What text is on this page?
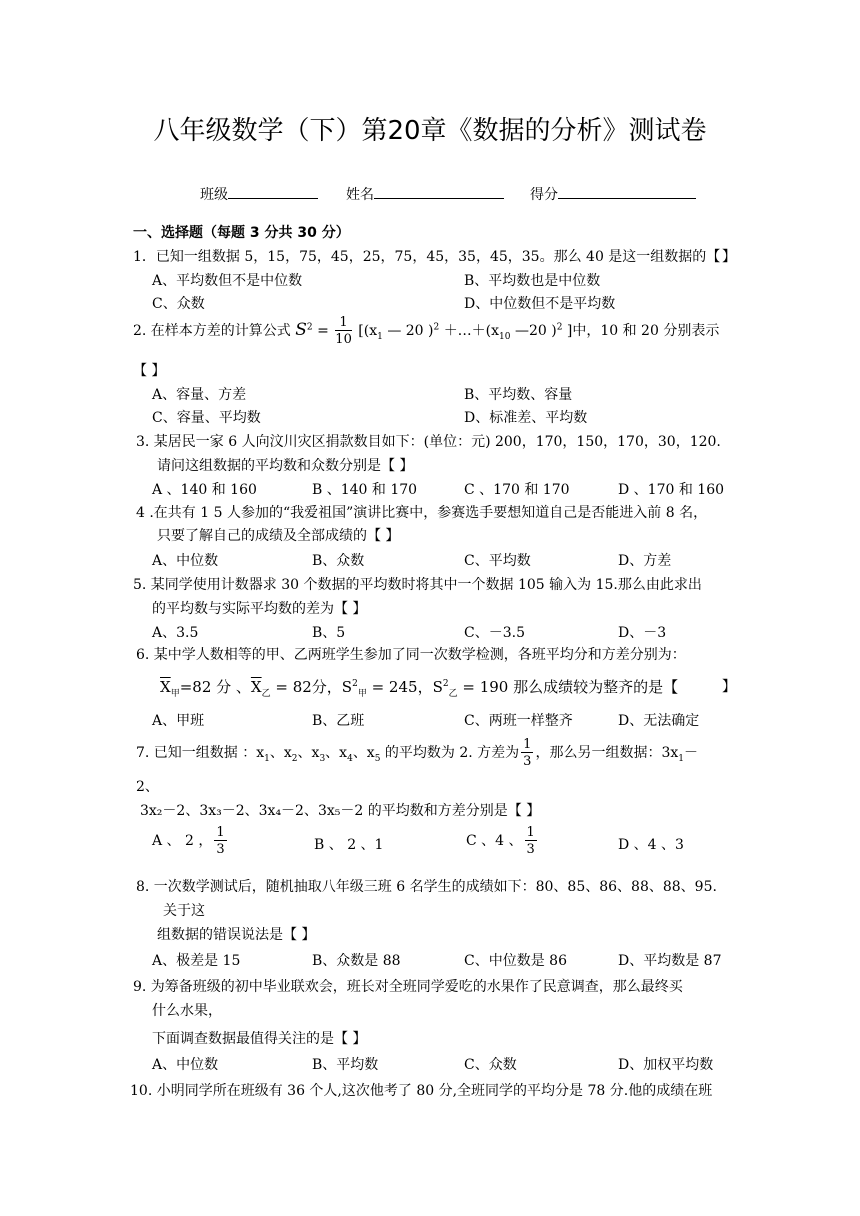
八年级数学（下）第20章《数据的分析》测试卷
班级	姓名	得分
一、选择题（每题 3 分共 30 分）
1．已知一组数据 5，15，75，45，25，75，45，35，45，35。那么 40 是这一组数据的【 】
A、平均数但不是中位数	B、平均数也是中位数
C、众数	D、中位数但不是平均数
2. 在样本方差的计算公式 $S^2 = \frac{1}{10} [(x_1$ — 20 )$^2 +\dots+(x_{10}$ —20 )$^2$ ]中，10 和 20 分别表示
【 】
A、容量、方差	B、平均数、容量
C、容量、平均数	D、标准差、平均数
3. 某居民一家 6 人向汶川灾区捐款数目如下：(单位：元) 200，170，150，170，30，120.
请问这组数据的平均数和众数分别是【 】
A 、140 和 160	B 、140 和 170	C 、170 和 170	D 、170 和 160
4 .在共有 1 5 人参加的“我爱祖国”演讲比赛中，参赛选手要想知道自己是否能进入前 8 名，
只要了解自己的成绩及全部成绩的【 】
A、中位数	B、众数	C、平均数	D、方差
5. 某同学使用计数器求 30 个数据的平均数时将其中一个数据 105 输入为 15.那么由此求出
的平均数与实际平均数的差为【 】
A、3.5	B、5	C、－3.5	D、－3
6. 某中学人数相等的甲、乙两班学生参加了同一次数学检测，各班平均分和方差分别为：
$\overline{X}_甲=82$ 分 、$\overline{X}_乙 = 82$分，$S^2_甲 = 245$，$S^2_乙 = 190$ 那么成绩较为整齐的是【	】
A、甲班	B、乙班	C、两班一样整齐	D、无法确定
7. 已知一组数据 ：$x_1$、$x_2$、$x_3$、$x_4$、$x_5$ 的平均数为 2. 方差为 $\frac{1}{3}$ ，那么另一组数据：$3x_1-$
2、
3x₂－2、3x₃－2、3x₄－2、3x₅－2 的平均数和方差分别是【 】
A 、 2 ， $\frac{1}{3}$	B 、 2 、1	C 、4 、 $\frac{1}{3}$	D 、4 、3
8. 一次数学测试后，随机抽取八年级三班 6 名学生的成绩如下：80、85、86、88、88、95.
关于这
组数据的错误说法是【 】
A、极差是 15	B、众数是 88	C、中位数是 86	D、平均数是 87
9. 为筹备班级的初中毕业联欢会，班长对全班同学爱吃的水果作了民意调查，那么最终买
什么水果，
下面调查数据最值得关注的是【 】
A、中位数	B、平均数	C、众数	D、加权平均数
10. 小明同学所在班级有 36 个人,这次他考了 80 分,全班同学的平均分是 78 分.他的成绩在班
